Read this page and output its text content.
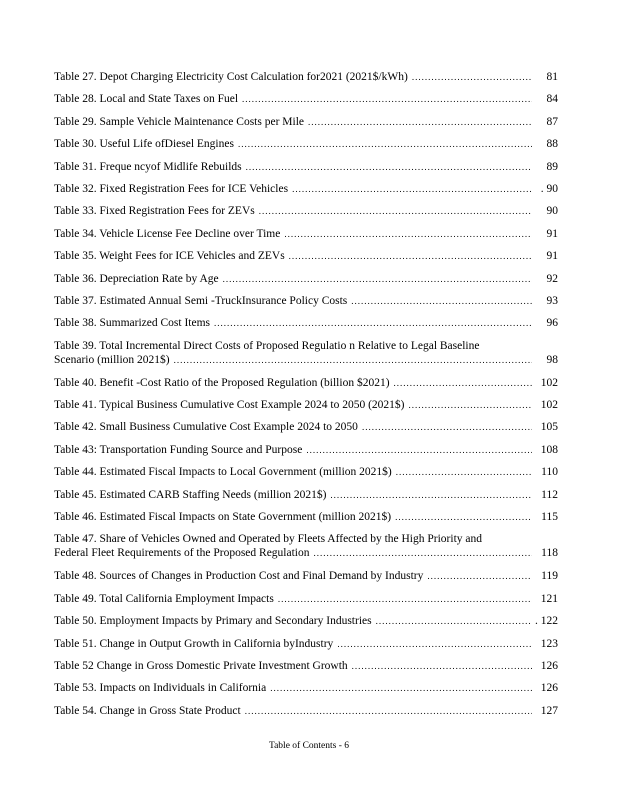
Table 27. Depot Charging Electricity Cost Calculation for2021 (2021$/kWh) .....	81
Table 28. Local and State Taxes on Fuel .....	84
Table 29. Sample Vehicle Maintenance Costs per Mile .....	87
Table 30. Useful Life ofDiesel Engines .....	88
Table 31. Freque ncyof Midlife Rebuilds .....	89
Table 32. Fixed Registration Fees for ICE Vehicles .....	. 90
Table 33. Fixed Registration Fees for ZEVs .....	90
Table 34. Vehicle License Fee Decline over Time .....	91
Table 35. Weight Fees for ICE Vehicles and ZEVs .....	91
Table 36. Depreciation Rate by Age .....	92
Table 37. Estimated Annual Semi -TruckInsurance Policy Costs .....	93
Table 38. Summarized Cost Items .....	96
Table 39. Total Incremental Direct Costs of Proposed Regulatio n Relative to Legal Baseline
Scenario (million 2021$) .....	98
Table 40. Benefit -Cost Ratio of the Proposed Regulation (billion $2021) .....	102
Table 41. Typical Business Cumulative Cost Example 2024 to 2050 (2021$) .....	102
Table 42. Small Business Cumulative Cost Example 2024 to 2050 .....	105
Table 43: Transportation Funding Source and Purpose .....	108
Table 44. Estimated Fiscal Impacts to Local Government (million 2021$) .....	110
Table 45. Estimated CARB Staffing Needs (million 2021$) .....	112
Table 46. Estimated Fiscal Impacts on State Government (million 2021$) .....	115
Table 47. Share of Vehicles Owned and Operated by Fleets Affected by the High Priority and
Federal Fleet Requirements of the Proposed Regulation .....	118
Table 48. Sources of Changes in Production Cost and Final Demand by Industry .....	119
Table 49. Total California Employment Impacts .....	121
Table 50. Employment Impacts by Primary and Secondary Industries .....	. 122
Table 51. Change in Output Growth in California byIndustry .....	123
Table 52 Change in Gross Domestic Private Investment Growth .....	126
Table 53. Impacts on Individuals in California .....	126
Table 54. Change in Gross State Product .....	127
Table of Contents - 6
